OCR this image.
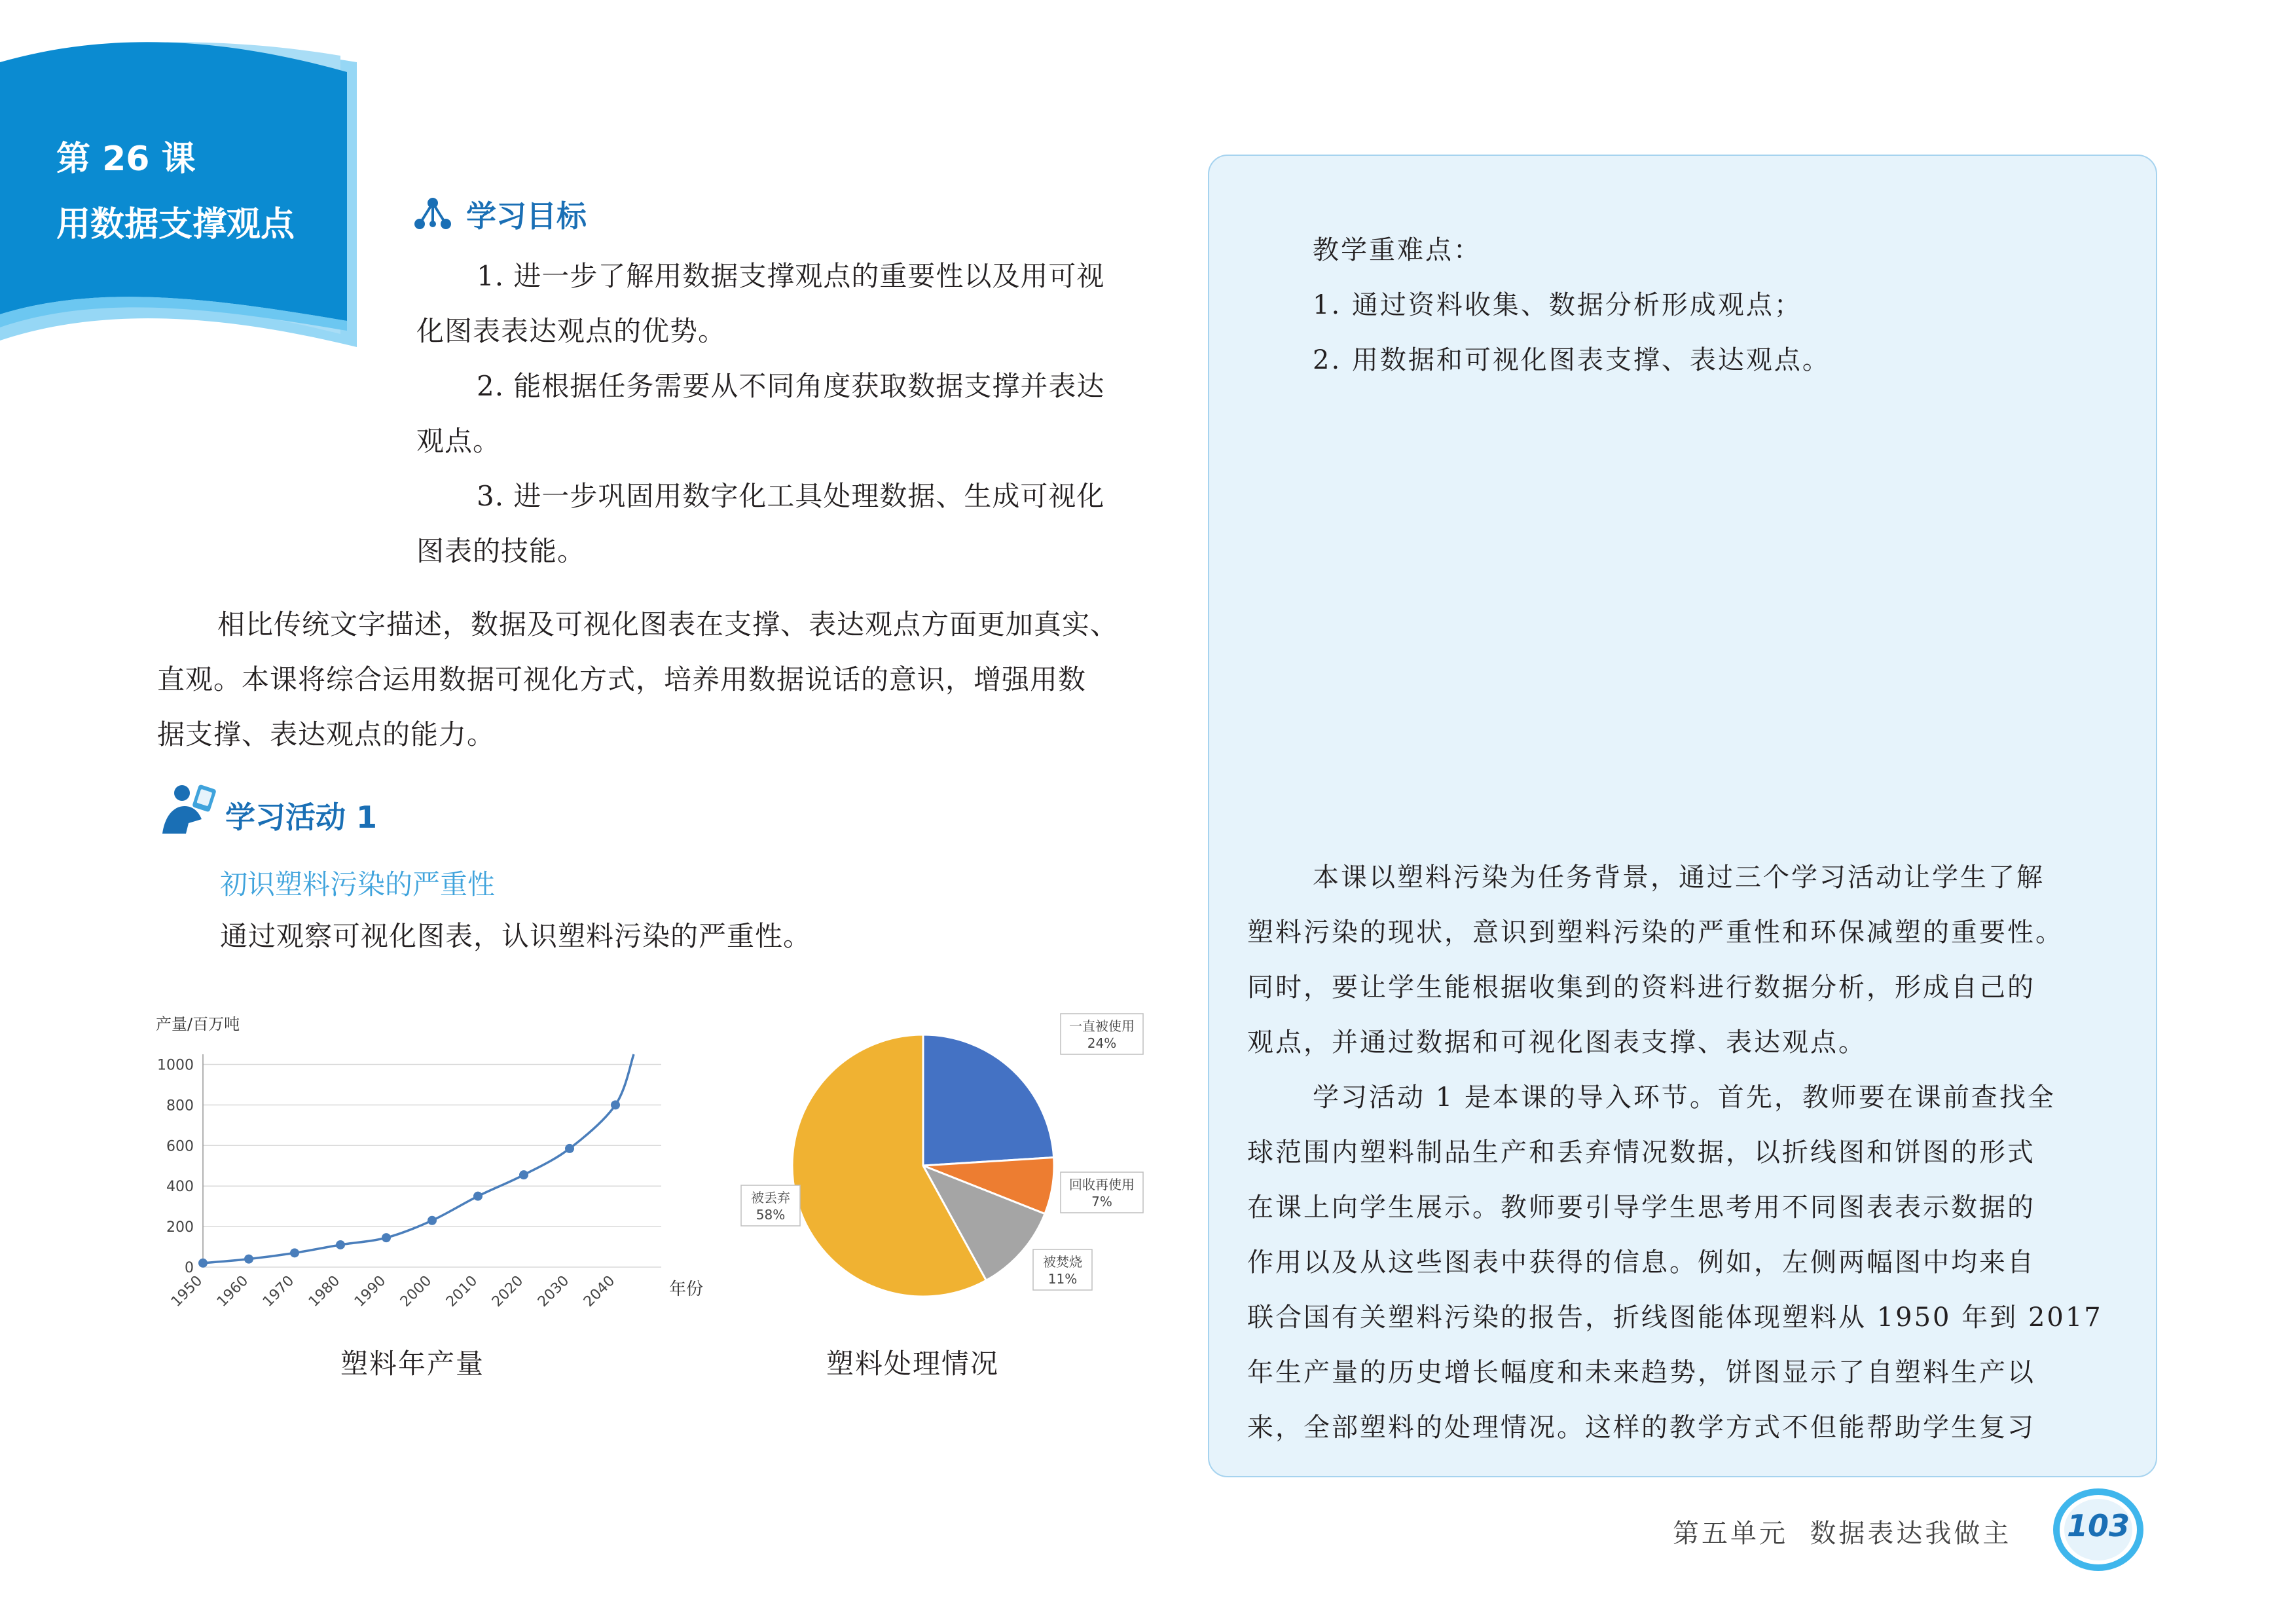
第 26 课
用数据支撑观点	学习目标
1. 进一步了解用数据支撑观点的重要性以及用可视
化图表表达观点的优势。
2. 能根据任务需要从不同角度获取数据支撑并表达
观点。
3. 进一步巩固用数字化工具处理数据、生成可视化
图表的技能。
相比传统文字描述，数据及可视化图表在支撑、表达观点方面更加真实、
直观。本课将综合运用数据可视化方式，培养用数据说话的意识，增强用数
据支撑、表达观点的能力。
学习活动 1
初识塑料污染的严重性
通过观察可视化图表，认识塑料污染的严重性。
产量/百万吨
0
200
400
600
800
1000
1950 1960 1970 1980 1990 2000 2010 2020 2030 2040	年份
塑料年产量
一直被使用
24%
回收再使用
7%
被焚烧
11%
被丢弃
58%
塑料处理情况
教学重难点：
1. 通过资料收集、数据分析形成观点；
2. 用数据和可视化图表支撑、表达观点。
本课以塑料污染为任务背景，通过三个学习活动让学生了解
塑料污染的现状，意识到塑料污染的严重性和环保减塑的重要性。
同时，要让学生能根据收集到的资料进行数据分析，形成自己的
观点，并通过数据和可视化图表支撑、表达观点。
学习活动 1 是本课的导入环节。首先，教师要在课前查找全
球范围内塑料制品生产和丢弃情况数据，以折线图和饼图的形式
在课上向学生展示。教师要引导学生思考用不同图表表示数据的
作用以及从这些图表中获得的信息。例如，左侧两幅图中均来自
联合国有关塑料污染的报告，折线图能体现塑料从 1950 年到 2017
年生产量的历史增长幅度和未来趋势，饼图显示了自塑料生产以
来，全部塑料的处理情况。这样的教学方式不但能帮助学生复习
第五单元  数据表达我做主	103
